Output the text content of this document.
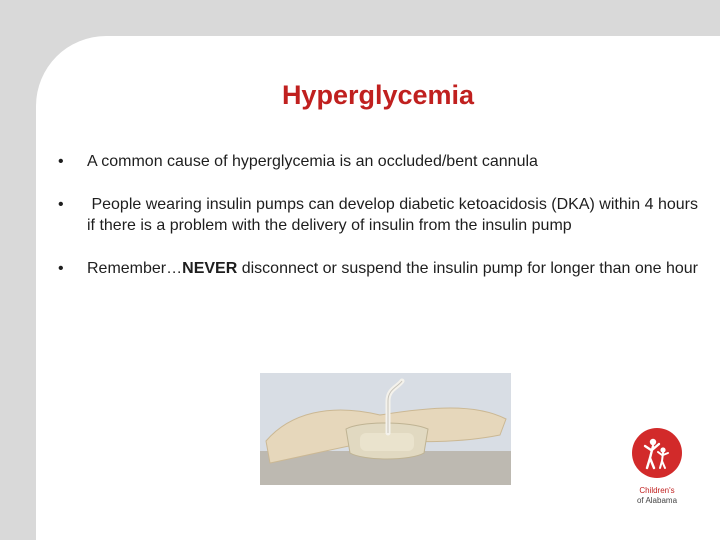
Hyperglycemia
• A common cause of hyperglycemia is an occluded/bent cannula
• People wearing insulin pumps can develop diabetic ketoacidosis (DKA) within 4 hours if there is a problem with the delivery of insulin from the insulin pump
• Remember…NEVER disconnect or suspend the insulin pump for longer than one hour
Children's
of Alabama
